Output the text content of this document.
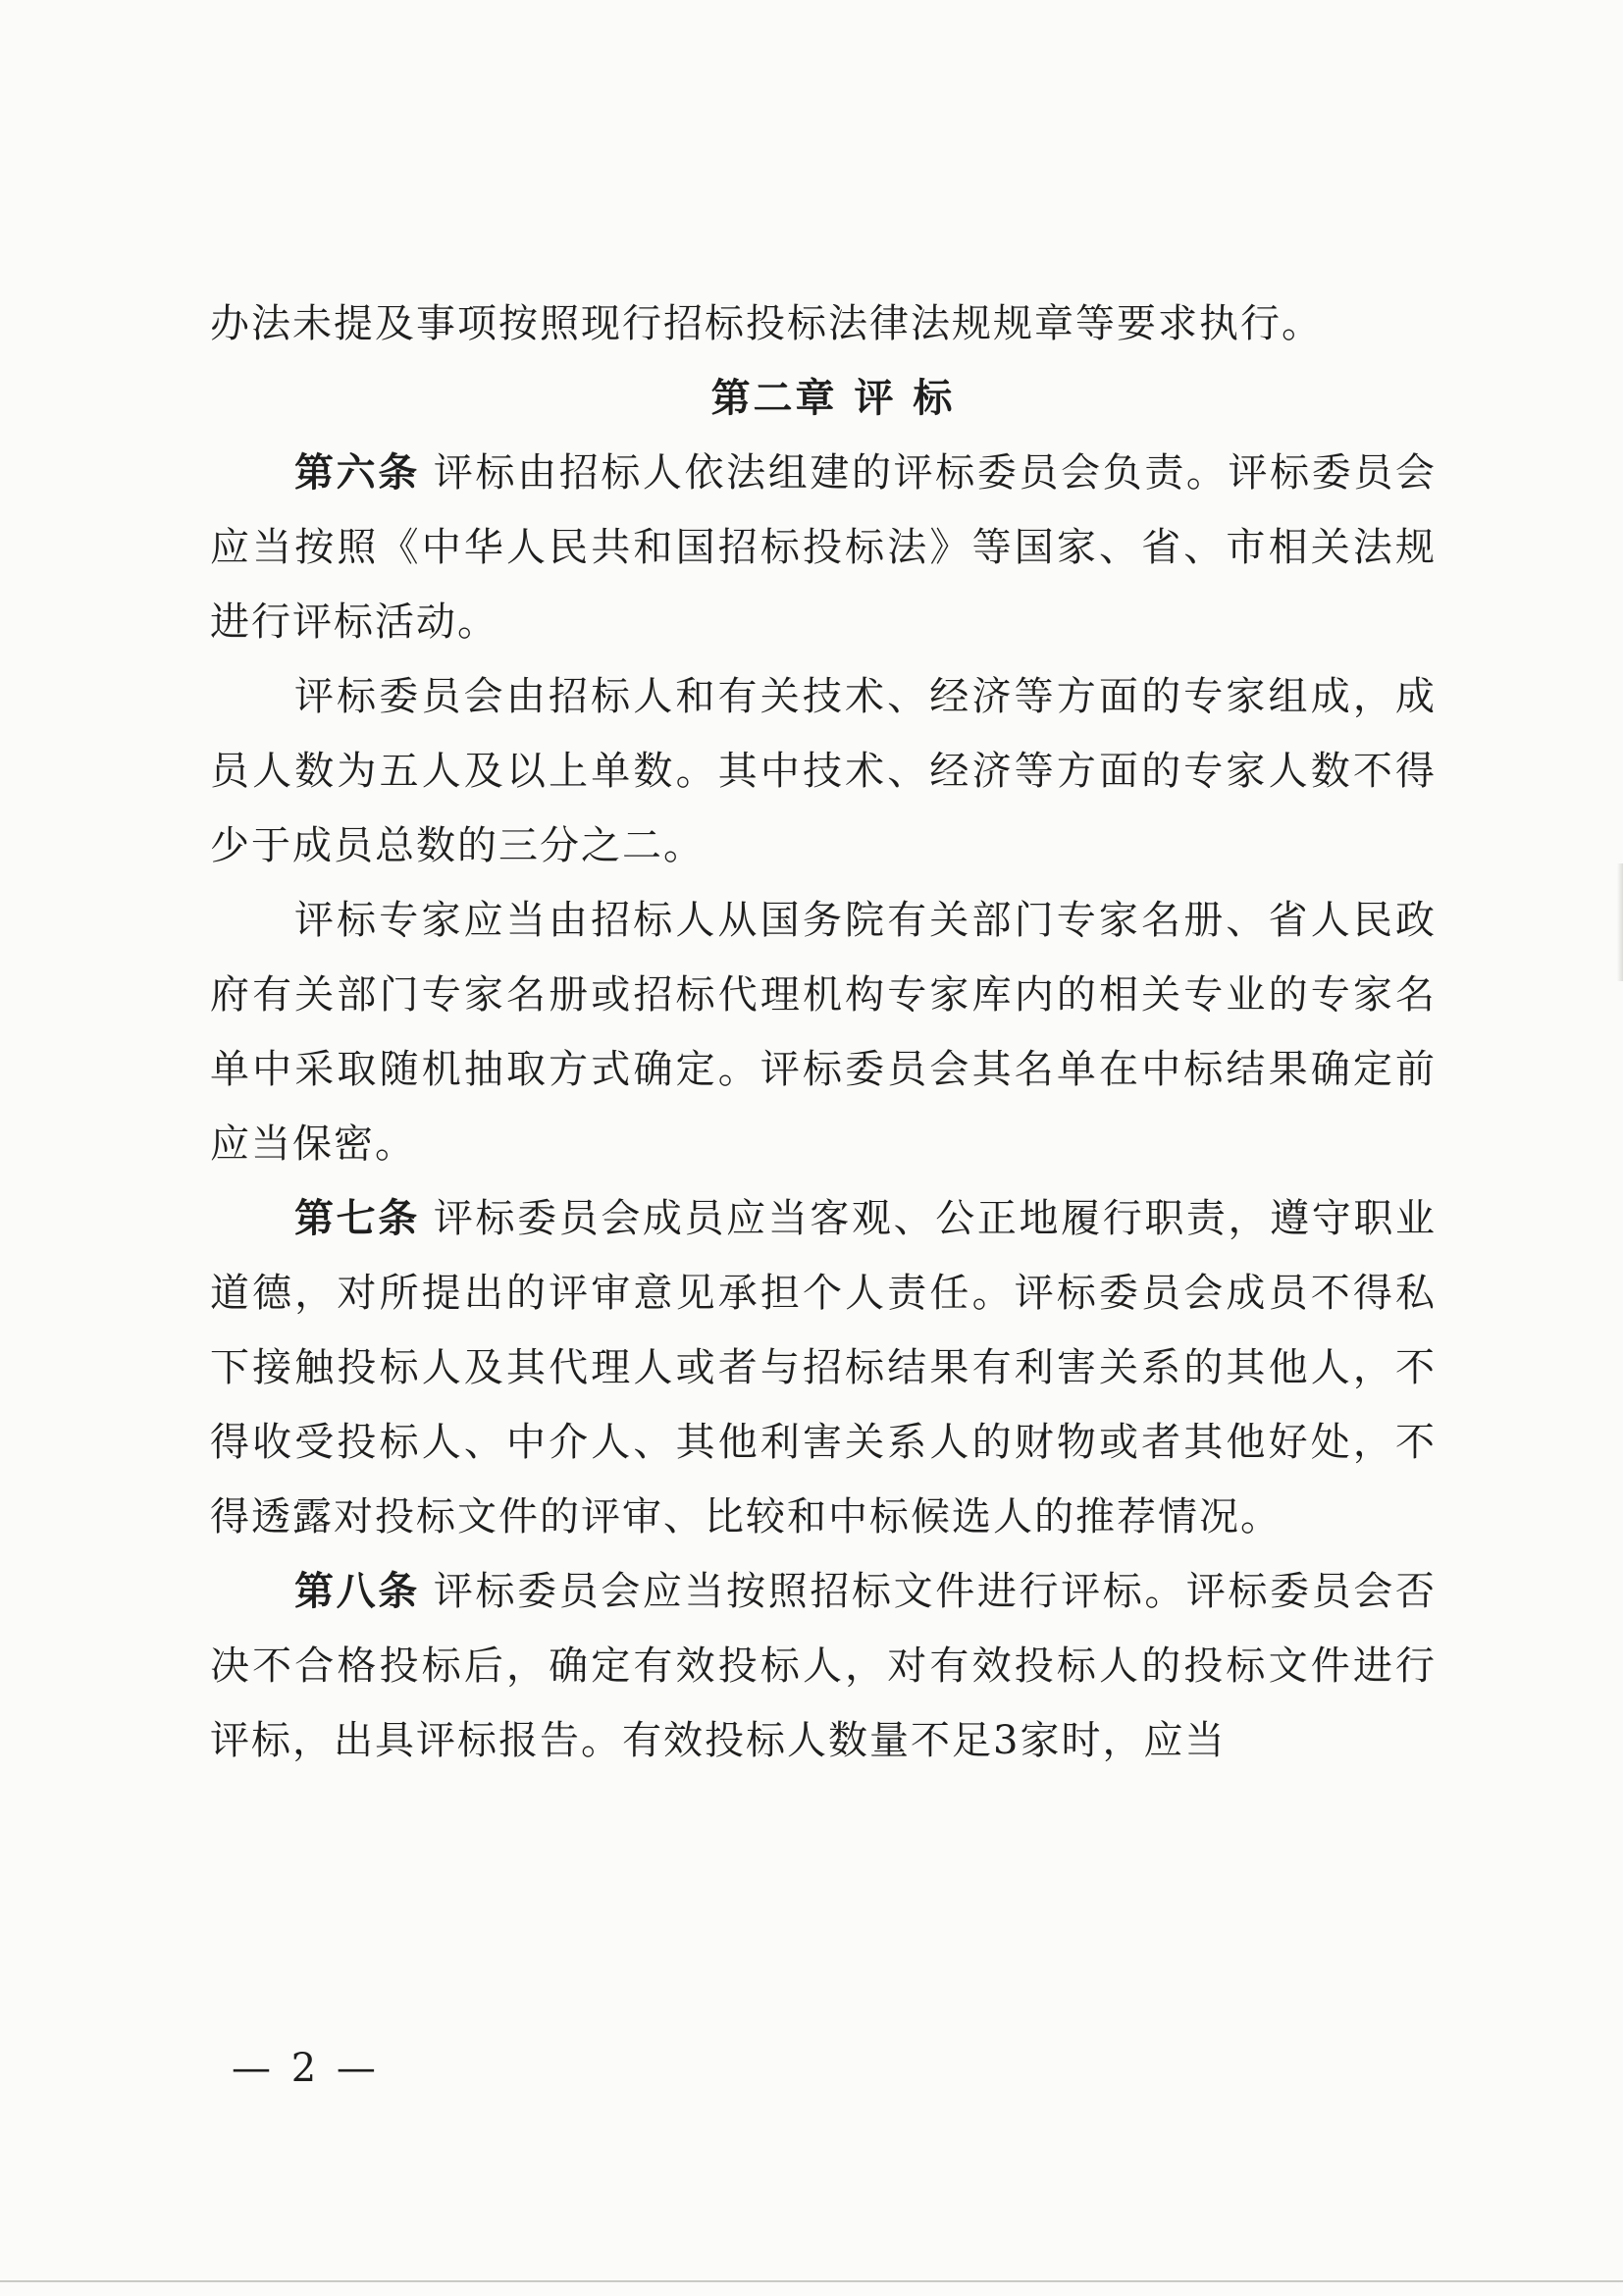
办法未提及事项按照现行招标投标法律法规规章等要求执行。

第二章 评 标

第六条 评标由招标人依法组建的评标委员会负责。评标委员会应当按照《中华人民共和国招标投标法》等国家、省、市相关法规进行评标活动。

评标委员会由招标人和有关技术、经济等方面的专家组成，成员人数为五人及以上单数。其中技术、经济等方面的专家人数不得少于成员总数的三分之二。

评标专家应当由招标人从国务院有关部门专家名册、省人民政府有关部门专家名册或招标代理机构专家库内的相关专业的专家名单中采取随机抽取方式确定。评标委员会其名单在中标结果确定前应当保密。

第七条 评标委员会成员应当客观、公正地履行职责，遵守职业道德，对所提出的评审意见承担个人责任。评标委员会成员不得私下接触投标人及其代理人或者与招标结果有利害关系的其他人，不得收受投标人、中介人、其他利害关系人的财物或者其他好处，不得透露对投标文件的评审、比较和中标候选人的推荐情况。

第八条 评标委员会应当按照招标文件进行评标。评标委员会否决不合格投标后，确定有效投标人，对有效投标人的投标文件进行评标，出具评标报告。有效投标人数量不足3家时，应当

— 2 —
